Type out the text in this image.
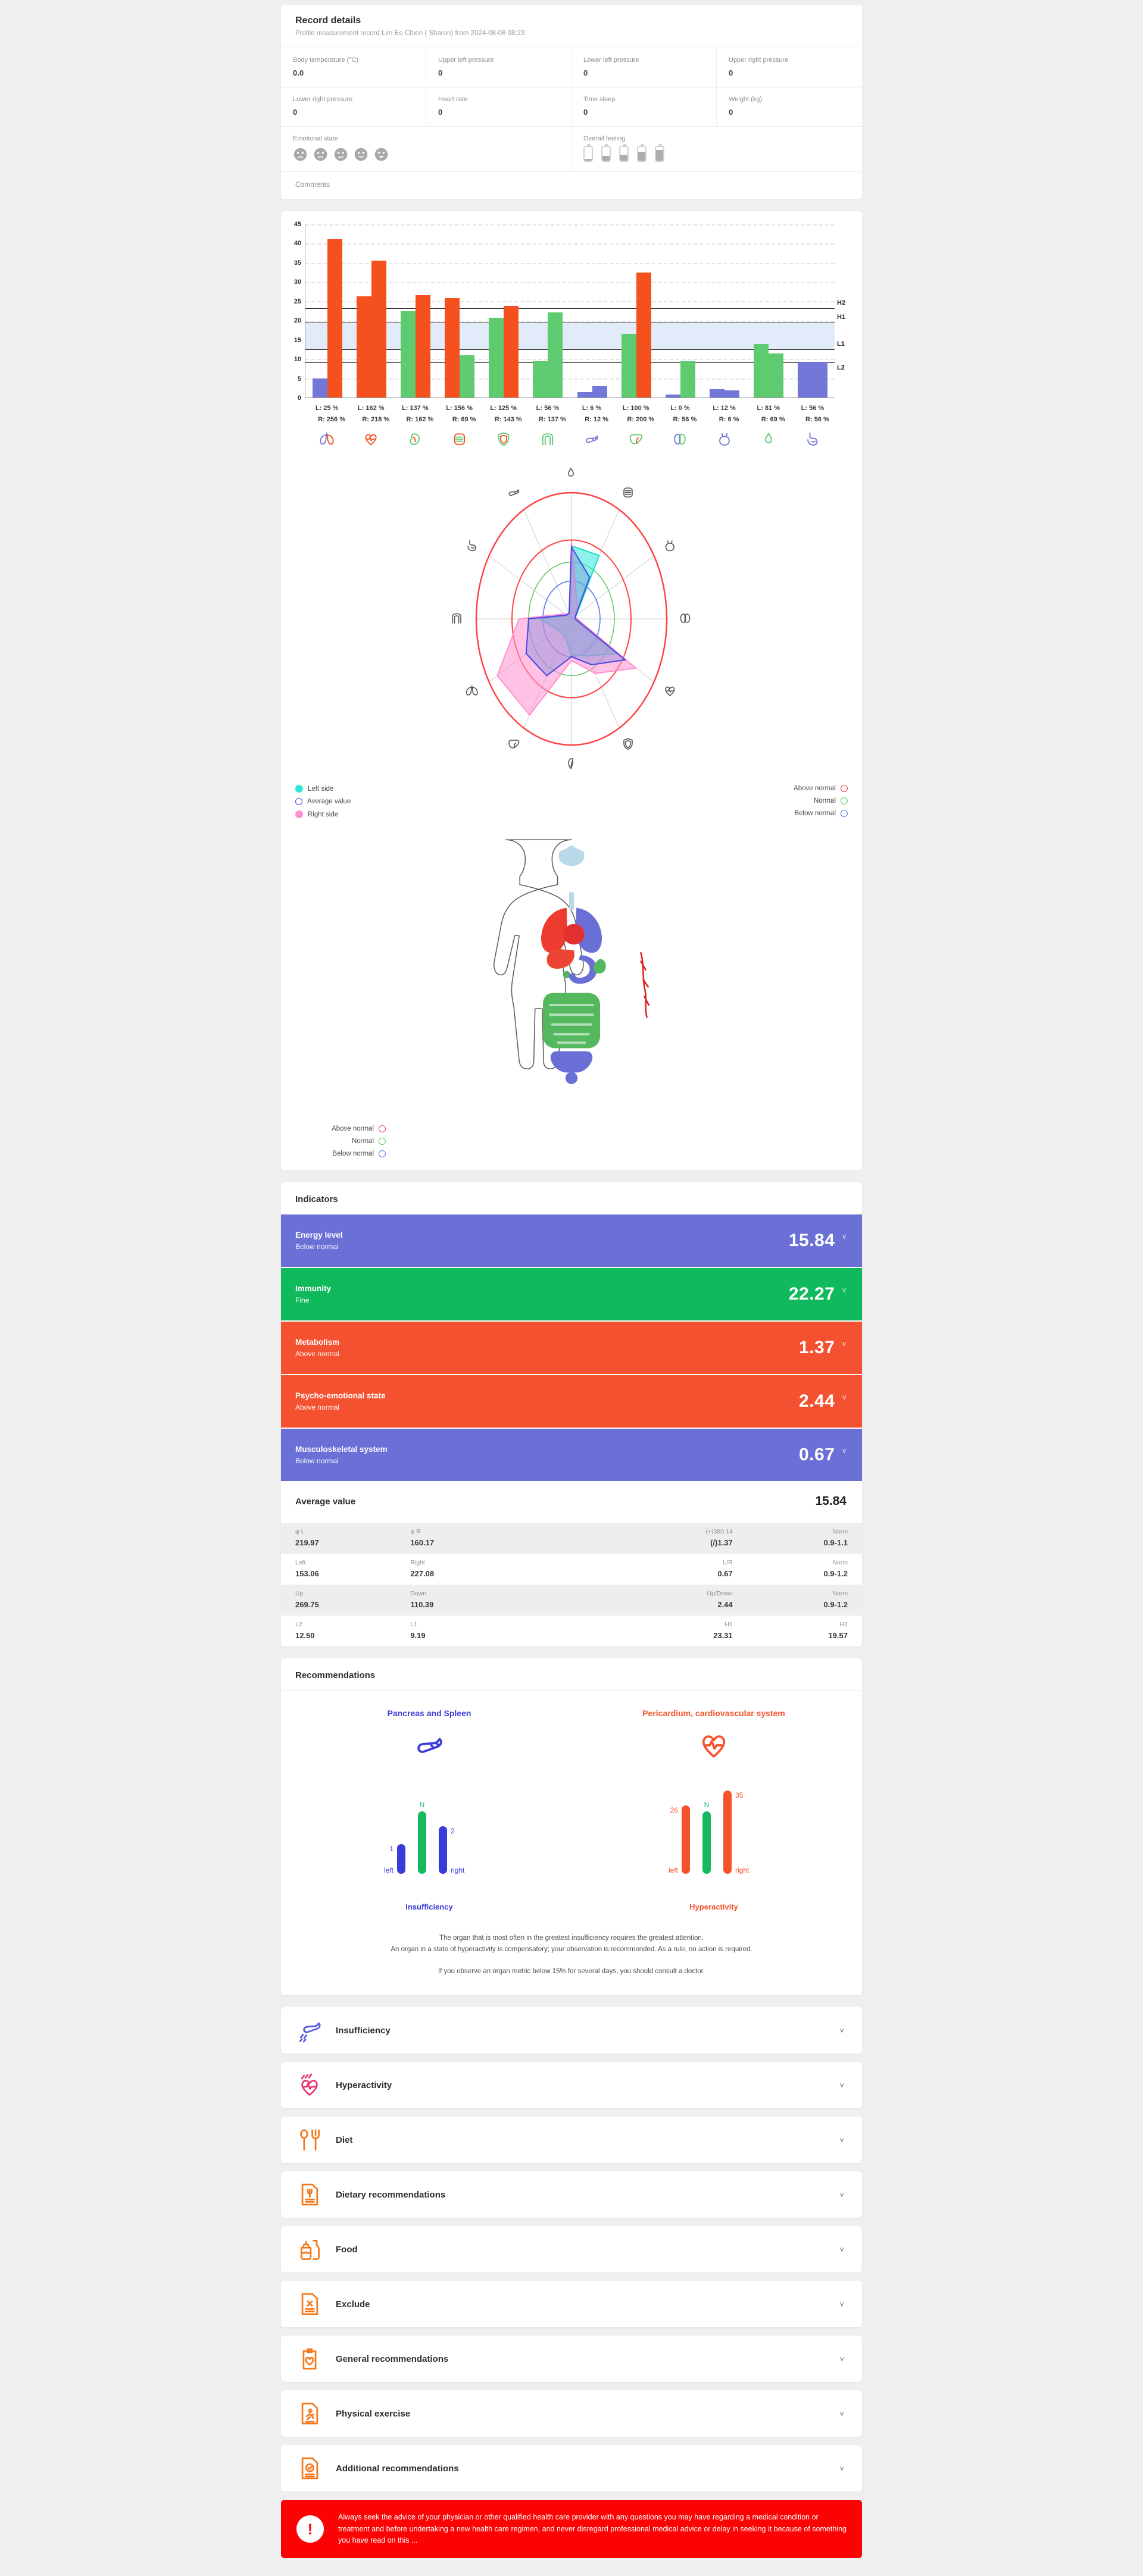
Record details
Profile measurement record Lim Ee Chien ( Sharon) from 2024-08-08 08:23
Body temperature (°C)
0.0
Upper left pressure
0
Lower left pressure
0
Upper right pressure
0
Lower right pressure
0
Heart rate
0
Time sleep
0
Weight (kg)
0
Emotional state	Overall feeling
Comments
0
5
10
15
20
25
30
35
40
45
H2
H1
L1
L2
L: 25 %
R: 256 %
L: 162 %
R: 218 %
L: 137 %
R: 162 %
L: 156 %
R: 69 %
L: 125 %
R: 143 %
L: 56 %
R: 137 %
L: 6 %
R: 12 %
L: 100 %
R: 200 %
L: 0 %
R: 56 %
L: 12 %
R: 6 %
L: 81 %
R: 69 %
L: 56 %
R: 56 %
Left side
Average value
Right side
Above normal
Normal
Below normal
Above normal
Normal
Below normal
Indicators
Energy level
Below normal	15.84 ˅
Immunity
Fine	22.27 ˅
Metabolism
Above normal	1.37 ˅
Psycho-emotional state
Above normal	2.44 ˅
Musculoskeletal system
Below normal	0.67 ˅
Average value	15.84
φ L
219.97
φ R
160.17
(+)380.14
(/)1.37
Norm
0.9-1.1
Left
153.06
Right
227.08
L/R
0.67
Norm
0.9-1.2
Up
269.75
Down
110.39
Up/Down
2.44
Norm
0.9-1.2
L2
12.50
L1
9.19
H1
23.31
H2
19.57
Recommendations
Pancreas and Spleen
1
N
2
left	right
Insufficiency
Pericardium, cardiovascular system
26
N
35
left	right
Hyperactivity
The organ that is most often in the greatest insufficiency requires the greatest attention.
An organ in a state of hyperactivity is compensatory; your observation is recommended. As a rule, no action is required.
If you observe an organ metric below 15% for several days, you should consult a doctor.
Insufficiency	˅
Hyperactivity	˅
Diet	˅
Dietary recommendations	˅
Food	˅
Exclude	˅
General recommendations	˅
Physical exercise	˅
Additional recommendations	˅
!
Always seek the advice of your physician or other qualified health care provider with any questions you may have regarding a medical condition or treatment and before undertaking a new health care regimen, and never disregard professional medical advice or delay in seeking it because of something you have read on this ...
